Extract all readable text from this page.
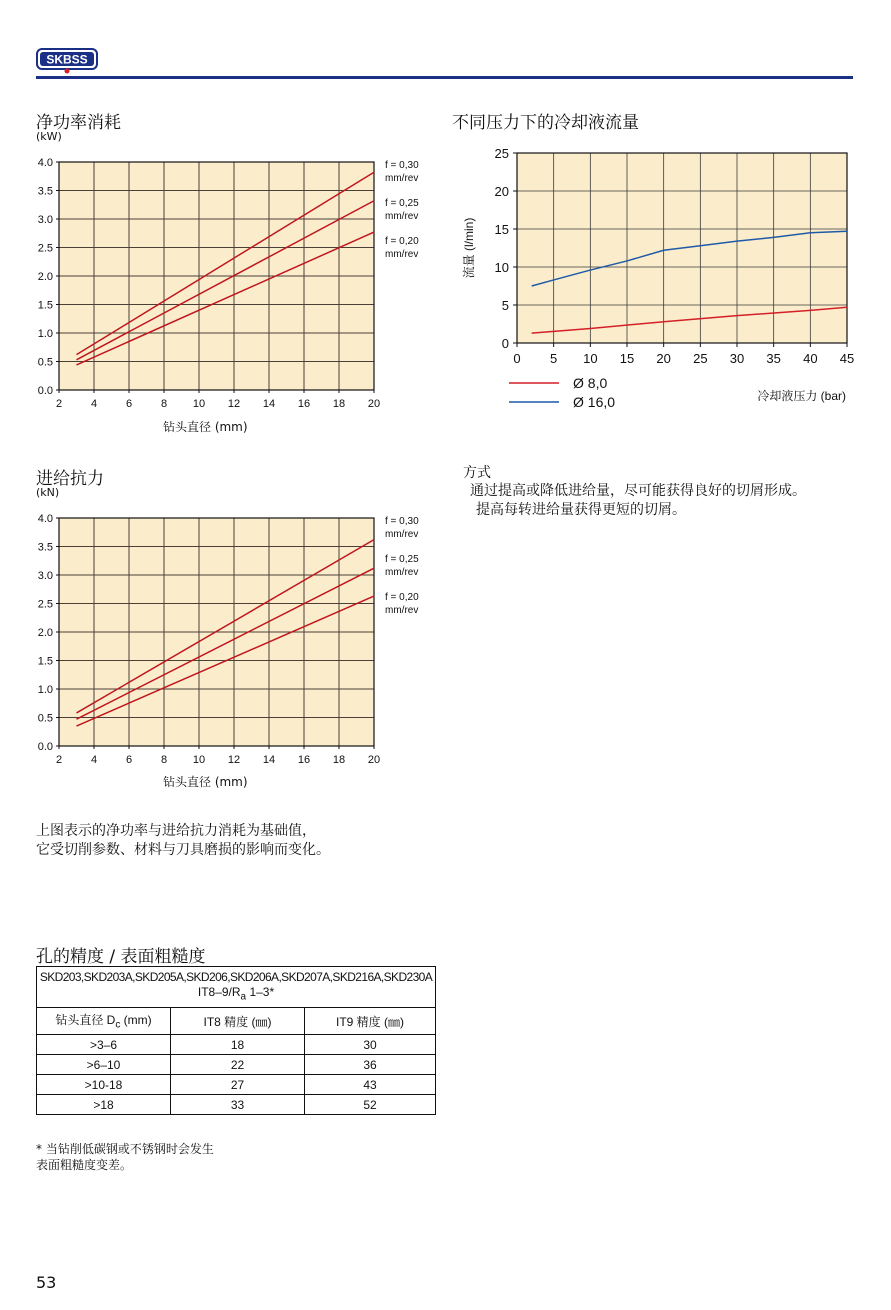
SKBSS
净功率消耗
(kW)
2	4	6	8 10 12 14 16 18 20
0.0
0.5
1.0
1.5
2.0
2.5
3.0
3.5
4.0	f = 0,30
mm/rev
f = 0,25
mm/rev
f = 0,20
mm/rev
钻头直径 (mm)
不同压力下的冷却液流量
0 5 10 15 20 25 30 35 40 45
0
5
10
15
20
25
流量 (l/min)
Ø 8,0
Ø 16,0	冷却液压力 (bar)
进给抗力
(kN)
2	4	6	8 10 12 14 16 18 20
0.0
0.5
1.0
1.5
2.0
2.5
3.0
3.5
4.0	f = 0,30
mm/rev
f = 0,25
mm/rev
f = 0,20
mm/rev
钻头直径 (mm)
方式
通过提高或降低进给量，尽可能获得良好的切屑形成。
提高每转进给量获得更短的切屑。
上图表示的净功率与进给抗力消耗为基础值，
它受切削参数、材料与刀具磨损的影响而变化。
孔的精度 / 表面粗糙度
SKD203,SKD203A,SKD205A,SKD206,SKD206A,SKD207A,SKD216A,SKD230A
$IT8-9/R_a$ 1–3*		

钻头直径 $D_c$ (mm)	IT8 精度 (㎜)	IT9 精度 (㎜)
>3–6	18	30
>6–10	22	36
>10-18	27	43
>18	33	52
* 当钻削低碳钢或不锈钢时会发生
表面粗糙度变差。
53
